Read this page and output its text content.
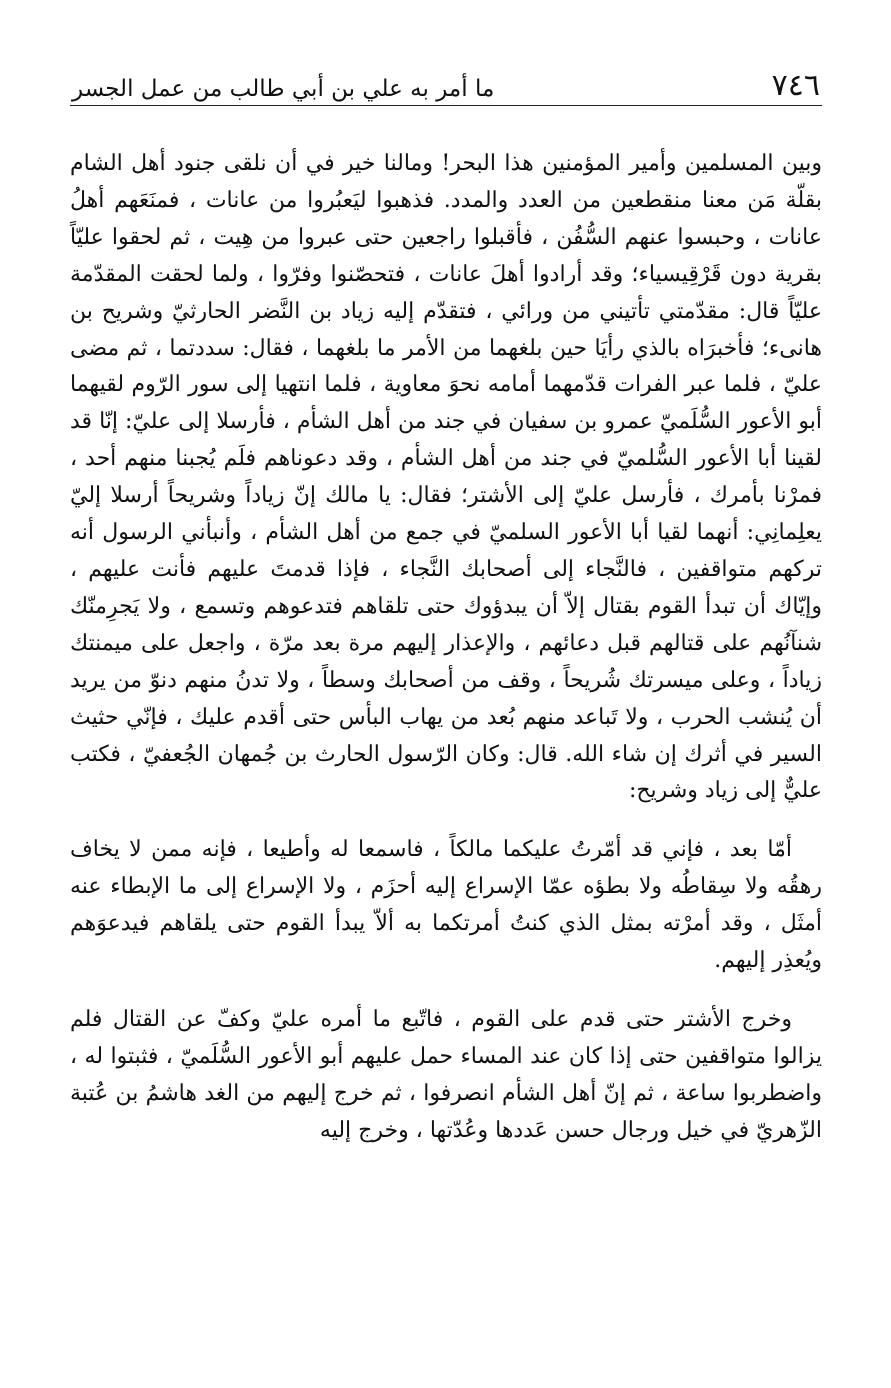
٧٤٦
ما أمر به علي بن أبي طالب من عمل الجسر

وبين المسلمين وأمير المؤمنين هذا البحر! ومالنا خير في أن نلقى جنود أهل الشام بقلّة مَن معنا منقطعين من العدد والمدد. فذهبوا ليَعبُروا من عانات ، فمنَعَهم أهلُ عانات ، وحبسوا عنهم السُّفُن ، فأقبلوا راجعين حتى عبروا من هِيت ، ثم لحقوا عليّاً بقرية دون قَرْقِيسياء؛ وقد أرادوا أهلَ عانات ، فتحصّنوا وفرّوا ، ولما لحقت المقدّمة عليّاً قال: مقدّمتي تأتيني من ورائي ، فتقدّم إليه زياد بن النَّضر الحارثيّ وشريح بن هانىء؛ فأخبرَاه بالذي رأيَا حين بلغهما من الأمر ما بلغهما ، فقال: سددتما ، ثم مضى عليّ ، فلما عبر الفرات قدّمهما أمامه نحوَ معاوية ، فلما انتهيا إلى سور الرّوم لقيهما أبو الأعور السُّلَميّ عمرو بن سفيان في جند من أهل الشأم ، فأرسلا إلى عليّ: إنّا قد لقينا أبا الأعور السُّلميّ في جند من أهل الشأم ، وقد دعوناهم فلَم يُجبنا منهم أحد ، فمرْنا بأمرك ، فأرسل عليّ إلى الأشتر؛ فقال: يا مالك إنّ زياداً وشريحاً أرسلا إليّ يعلِمانِي: أنهما لقيا أبا الأعور السلميّ في جمع من أهل الشأم ، وأنبأني الرسول أنه تركهم متواقفين ، فالنَّجاء إلى أصحابك النَّجاء ، فإذا قدمتَ عليهم فأنت عليهم ، وإيّاك أن تبدأ القوم بقتال إلاّ أن يبدؤوك حتى تلقاهم فتدعوهم وتسمع ، ولا يَجرِمنّك شنآنُهم على قتالهم قبل دعائهم ، والإعذار إليهم مرة بعد مرّة ، واجعل على ميمنتك زياداً ، وعلى ميسرتك شُريحاً ، وقف من أصحابك وسطاً ، ولا تدنُ منهم دنوّ من يريد أن يُنشب الحرب ، ولا تَباعد منهم بُعد من يهاب البأس حتى أقدم عليك ، فإنّي حثيث السير في أثرك إن شاء الله. قال: وكان الرّسول الحارث بن جُمهان الجُعفيّ ، فكتب عليٌّ إلى زياد وشريح:

أمّا بعد ، فإني قد أمّرتُ عليكما مالكاً ، فاسمعا له وأطيعا ، فإنه ممن لا يخاف رهقُه ولا سِقاطُه ولا بطؤه عمّا الإسراع إليه أحزَم ، ولا الإسراع إلى ما الإبطاء عنه أمثَل ، وقد أمرْته بمثل الذي كنتُ أمرتكما به ألاّ يبدأ القوم حتى يلقاهم فيدعوَهم ويُعذِر إليهم.

وخرج الأشتر حتى قدم على القوم ، فاتّبع ما أمره عليّ وكفّ عن القتال فلم يزالوا متواقفين حتى إذا كان عند المساء حمل عليهم أبو الأعور السُّلَميّ ، فثبتوا له ، واضطربوا ساعة ، ثم إنّ أهل الشأم انصرفوا ، ثم خرج إليهم من الغد هاشمُ بن عُتبة الزّهريّ في خيل ورجال حسن عَددها وعُدّتها ، وخرج إليه
